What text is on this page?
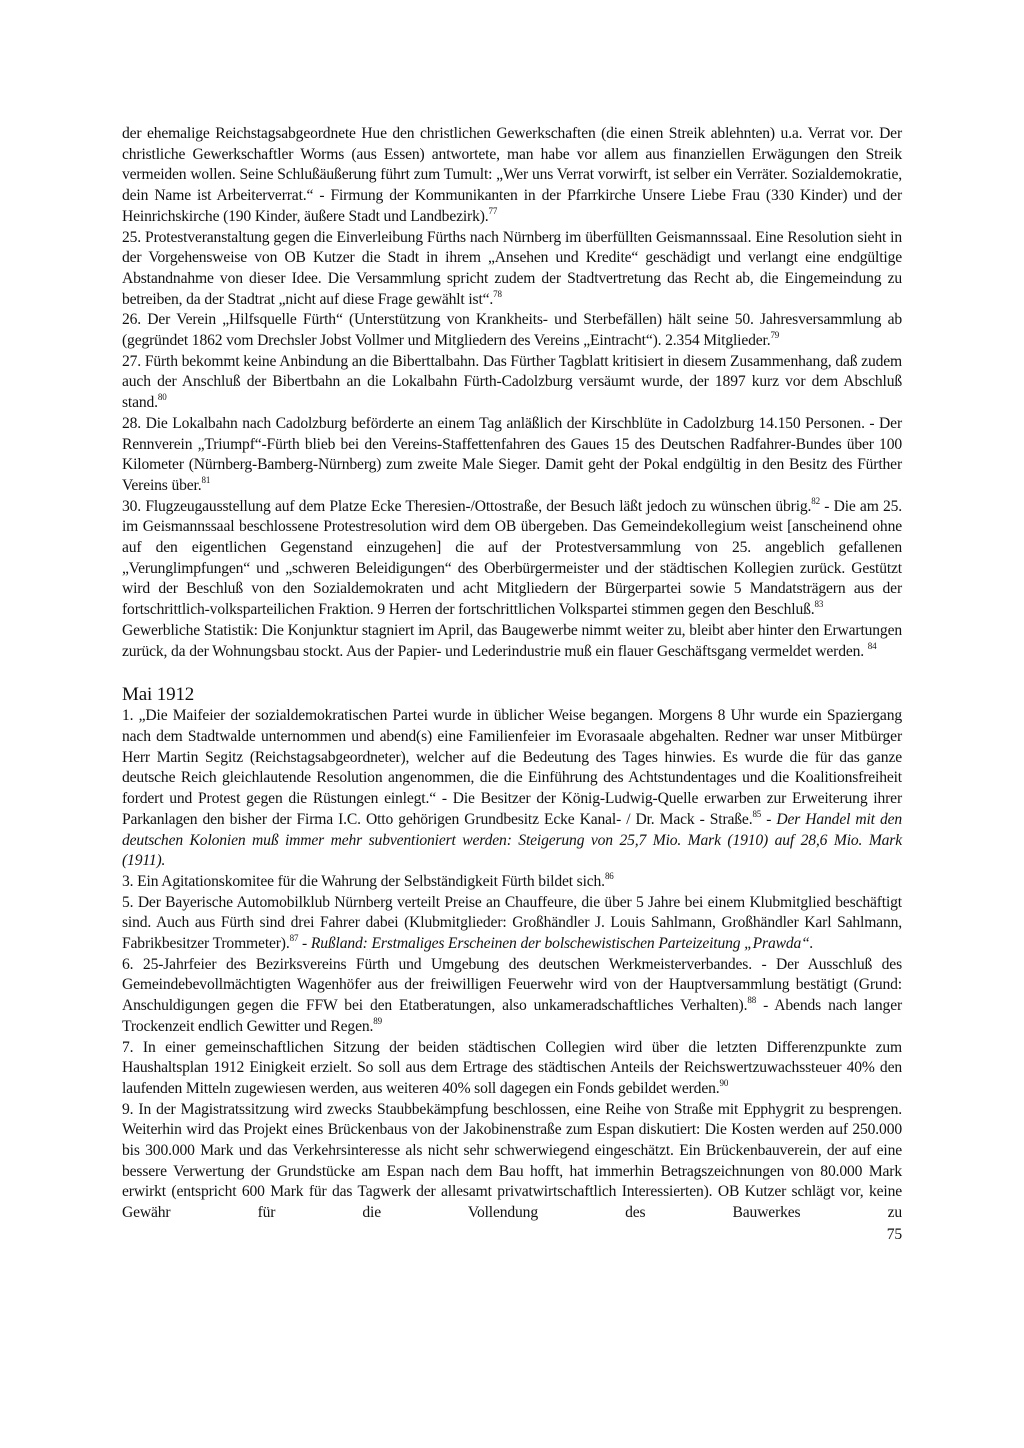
der ehemalige Reichstagsabgeordnete Hue den christlichen Gewerkschaften (die einen Streik ablehnten) u.a. Verrat vor. Der christliche Gewerkschaftler Worms (aus Essen) antwortete, man habe vor allem aus finanziellen Erwägungen den Streik vermeiden wollen. Seine Schlußäußerung führt zum Tumult: „Wer uns Verrat vorwirft, ist selber ein Verräter. Sozialdemokratie, dein Name ist Arbeiterverrat.“ - Firmung der Kommunikanten in der Pfarrkirche Unsere Liebe Frau (330 Kinder) und der Heinrichskirche (190 Kinder, äußere Stadt und Landbezirk).$^{77}$

25. Protestveranstaltung gegen die Einverleibung Fürths nach Nürnberg im überfüllten Geismannssaal. Eine Resolution sieht in der Vorgehensweise von OB Kutzer die Stadt in ihrem „Ansehen und Kredite“ geschädigt und verlangt eine endgültige Abstandnahme von dieser Idee. Die Versammlung spricht zudem der Stadtvertretung das Recht ab, die Eingemeindung zu betreiben, da der Stadtrat „nicht auf diese Frage gewählt ist“.$^{78}$

26. Der Verein „Hilfsquelle Fürth“ (Unterstützung von Krankheits- und Sterbefällen) hält seine 50. Jahresversammlung ab (gegründet 1862 vom Drechsler Jobst Vollmer und Mitgliedern des Vereins „Eintracht“). 2.354 Mitglieder.$^{79}$

27. Fürth bekommt keine Anbindung an die Biberttalbahn. Das Fürther Tagblatt kritisiert in diesem Zusammenhang, daß zudem auch der Anschluß der Bibertbahn an die Lokalbahn Fürth-Cadolzburg versäumt wurde, der 1897 kurz vor dem Abschluß stand.$^{80}$

28. Die Lokalbahn nach Cadolzburg beförderte an einem Tag anläßlich der Kirschblüte in Cadolzburg 14.150 Personen. - Der Rennverein „Triumpf“-Fürth blieb bei den Vereins-Staffettenfahren des Gaues 15 des Deutschen Radfahrer-Bundes über 100 Kilometer (Nürnberg-Bamberg-Nürnberg) zum zweite Male Sieger. Damit geht der Pokal endgültig in den Besitz des Fürther Vereins über.$^{81}$

30. Flugzeugausstellung auf dem Platze Ecke Theresien-/Ottostraße, der Besuch läßt jedoch zu wünschen übrig.$^{82}$ - Die am 25. im Geismannssaal beschlossene Protestresolution wird dem OB übergeben. Das Gemeindekollegium weist [anscheinend ohne auf den eigentlichen Gegenstand einzugehen] die auf der Protestversammlung von 25. angeblich gefallenen „Verunglimpfungen“ und „schweren Beleidigungen“ des Oberbürgermeister und der städtischen Kollegien zurück. Gestützt wird der Beschluß von den Sozialdemokraten und acht Mitgliedern der Bürgerpartei sowie 5 Mandatsträgern aus der fortschrittlich-volksparteilichen Fraktion. 9 Herren der fortschrittlichen Volkspartei stimmen gegen den Beschluß.$^{83}$

Gewerbliche Statistik: Die Konjunktur stagniert im April, das Baugewerbe nimmt weiter zu, bleibt aber hinter den Erwartungen zurück, da der Wohnungsbau stockt. Aus der Papier- und Lederindustrie muß ein flauer Geschäftsgang vermeldet werden. $^{84}$

Mai 1912

1. „Die Maifeier der sozialdemokratischen Partei wurde in üblicher Weise begangen. Morgens 8 Uhr wurde ein Spaziergang nach dem Stadtwalde unternommen und abend(s) eine Familienfeier im Evorasaale abgehalten. Redner war unser Mitbürger Herr Martin Segitz (Reichstagsabgeordneter), welcher auf die Bedeutung des Tages hinwies. Es wurde die für das ganze deutsche Reich gleichlautende Resolution angenommen, die die Einführung des Achtstundentages und die Koalitionsfreiheit fordert und Protest gegen die Rüstungen einlegt.“ - Die Besitzer der König-Ludwig-Quelle erwarben zur Erweiterung ihrer Parkanlagen den bisher der Firma I.C. Otto gehörigen Grundbesitz Ecke Kanal- / Dr. Mack - Straße.$^{85}$ - Der Handel mit den deutschen Kolonien muß immer mehr subventioniert werden: Steigerung von 25,7 Mio. Mark (1910) auf 28,6 Mio. Mark (1911).

3. Ein Agitationskomitee für die Wahrung der Selbständigkeit Fürth bildet sich.$^{86}$

5. Der Bayerische Automobilklub Nürnberg verteilt Preise an Chauffeure, die über 5 Jahre bei einem Klubmitglied beschäftigt sind. Auch aus Fürth sind drei Fahrer dabei (Klubmitglieder: Großhändler J. Louis Sahlmann, Großhändler Karl Sahlmann, Fabrikbesitzer Trommeter).$^{87}$ - Rußland: Erstmaliges Erscheinen der bolschewistischen Parteizeitung „Prawda“.

6. 25-Jahrfeier des Bezirksvereins Fürth und Umgebung des deutschen Werkmeisterverbandes. - Der Ausschluß des Gemeindebevollmächtigten Wagenhöfer aus der freiwilligen Feuerwehr wird von der Hauptversammlung bestätigt (Grund: Anschuldigungen gegen die FFW bei den Etatberatungen, also unkameradschaftliches Verhalten).$^{88}$ - Abends nach langer Trockenzeit endlich Gewitter und Regen.$^{89}$

7. In einer gemeinschaftlichen Sitzung der beiden städtischen Collegien wird über die letzten Differenzpunkte zum Haushaltsplan 1912 Einigkeit erzielt. So soll aus dem Ertrage des städtischen Anteils der Reichswertzuwachssteuer 40% den laufenden Mitteln zugewiesen werden, aus weiteren 40% soll dagegen ein Fonds gebildet werden.$^{90}$

9. In der Magistratssitzung wird zwecks Staubbekämpfung beschlossen, eine Reihe von Straße mit Epphygrit zu besprengen. Weiterhin wird das Projekt eines Brückenbaus von der Jakobinenstraße zum Espan diskutiert: Die Kosten werden auf 250.000 bis 300.000 Mark und das Verkehrsinteresse als nicht sehr schwerwiegend eingeschätzt. Ein Brückenbauverein, der auf eine bessere Verwertung der Grundstücke am Espan nach dem Bau hofft, hat immerhin Betragszeichnungen von 80.000 Mark erwirkt (entspricht 600 Mark für das Tagwerk der allesamt privatwirtschaftlich Interessierten). OB Kutzer schlägt vor, keine Gewähr für die Vollendung des Bauwerkes zu

75
